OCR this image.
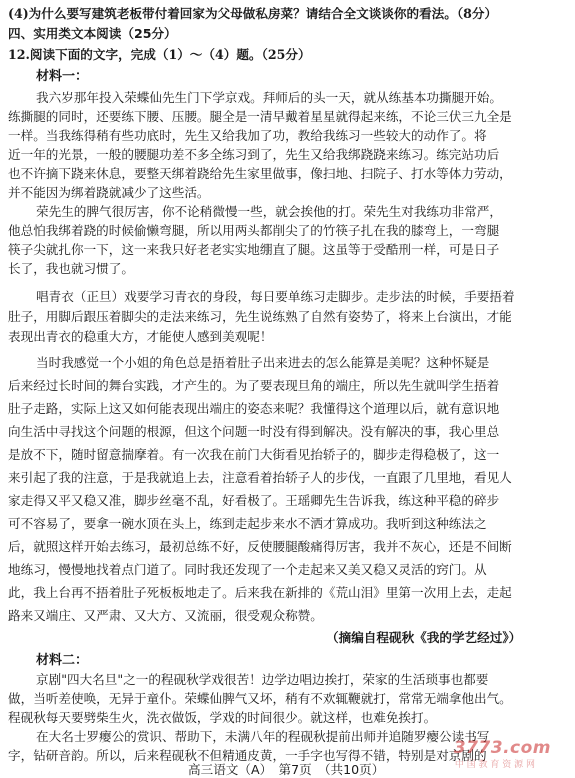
(4)为什么要写建筑老板带付着回家为父母做私房菜？请结合全文谈谈你的看法。（8分）
四、实用类文本阅读（25分）
12.阅读下面的文字，完成（1）～（4）题。（25分）
材料一：
我六岁那年投入荣蝶仙先生门下学京戏。拜师后的头一天，就从练基本功撕腿开始。
练撕腿的同时，还要练下腰、压腰。腿全是一清早戴着星星就得起来练，不论三伏三九全是
一样。当我练得稍有些功底时，先生又给我加了功，教给我练习一些较大的动作了。将
近一年的光景，一般的腰腿功差不多全练习到了，先生又给我绑跷跷来练习。练完站功后
也不许摘下跷来休息，要整天绑着跷给先生家里做事，像扫地、扫院子、打水等体力劳动，
并不能因为绑着跷就减少了这些活。
荣先生的脾气很厉害，你不论稍微慢一些，就会挨他的打。荣先生对我练功非常严，
他总怕我绑着跷的时候偷懒弯腿，所以用两头都削尖了的竹筷子扎在我的膝弯上，一弯腿
筷子尖就扎你一下，这一来我只好老老实实地绷直了腿。这虽等于受酷刑一样，可是日子
长了，我也就习惯了。
唱青衣（正旦）戏要学习青衣的身段，每日要单练习走脚步。走步法的时候，手要捂着
肚子，用脚后跟压着脚尖的走法来练习，先生说练熟了自然有姿势了，将来上台演出，才能
表现出青衣的稳重大方，才能使人感到美观呢！
当时我感觉一个小姐的角色总是捂着肚子出来进去的怎么能算是美呢？这种怀疑是
后来经过长时间的舞台实践，才产生的。为了要表现旦角的端庄，所以先生就叫学生捂着
肚子走路，实际上这又如何能表现出端庄的姿态来呢？我懂得这个道理以后，就有意识地
向生活中寻找这个问题的根源，但这个问题一时没有得到解决。没有解决的事，我心里总
是放不下，随时留意揣摩着。有一次我在前门大街看见抬轿子的，脚步走得稳极了，这一
来引起了我的注意，于是我就追上去，注意看着抬轿子人的步伐，一直跟了几里地，看见人
家走得又平又稳又准，脚步丝毫不乱，好看极了。王瑶卿先生告诉我，练这种平稳的碎步
可不容易了，要拿一碗水顶在头上，练到走起步来水不洒才算成功。我听到这种练法之
后，就照这样开始去练习，最初总练不好，反使腰腿酸痛得厉害，我并不灰心，还是不间断
地练习，慢慢地找着点门道了。同时我还发现了一个走起来又美又稳又灵活的窍门。从
此，我上台再不捂着肚子死板板地走了。后来我在新排的《荒山泪》里第一次用上去，走起
路来又端庄、又严肃、又大方、又流丽，很受观众称赞。
（摘编自程砚秋《我的学艺经过》）
材料二：
京剧"四大名旦"之一的程砚秋学戏很苦！边学边唱边挨打，荣家的生活琐事也都要
做，当听差使唤，无异于童仆。荣蝶仙脾气又坏，稍有不欢辄鞭就打，常常无端拿他出气。
程砚秋每天要劈柴生火，洗衣做饭，学戏的时间很少。就这样，也难免挨打。
在大名士罗瘿公的赏识、帮助下，未满八年的程砚秋提前出师并追随罗瘿公读书写
字，钻研音韵。所以，后来程砚秋不但精通皮黄，一手字也写得不错，特别是对京剧的
高三语文（A）　第7页　（共10页）
3773.com
中 国 教 育 资 源 网
